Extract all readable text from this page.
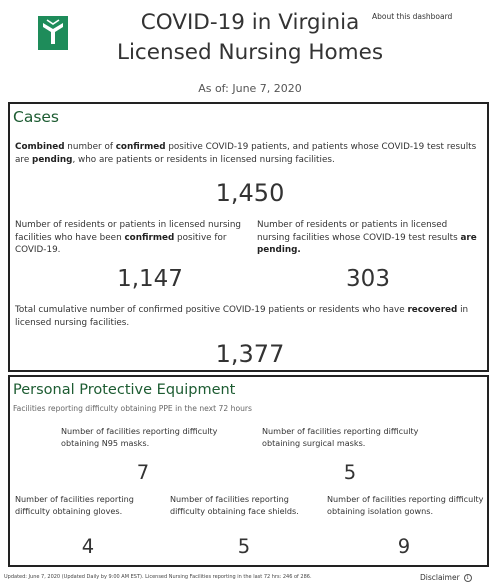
COVID-19 in Virginia
Licensed Nursing Homes
About this dashboard
As of: June 7, 2020
Cases
Combined number of confirmed positive COVID-19 patients, and patients whose COVID-19 test results are pending, who are patients or residents in licensed nursing facilities.
1,450
Number of residents or patients in licensed nursing facilities who have been confirmed positive for COVID-19.
Number of residents or patients in licensed nursing facilities whose COVID-19 test results are pending.
1,147	303
Total cumulative number of confirmed positive COVID-19 patients or residents who have recovered in licensed nursing facilities.
1,377
Personal Protective Equipment
Facilities reporting difficulty obtaining PPE in the next 72 hours
Number of facilities reporting difficulty obtaining N95 masks.
7
Number of facilities reporting difficulty obtaining surgical masks.
5
Number of facilities reporting difficulty obtaining gloves.
4
Number of facilities reporting difficulty obtaining face shields.
5
Number of facilities reporting difficulty obtaining isolation gowns.
9
Updated: June 7, 2020 (Updated Daily by 9:00 AM EST). Licensed Nursing Facilities reporting in the last 72 hrs: 246 of 286.	Disclaimer i
